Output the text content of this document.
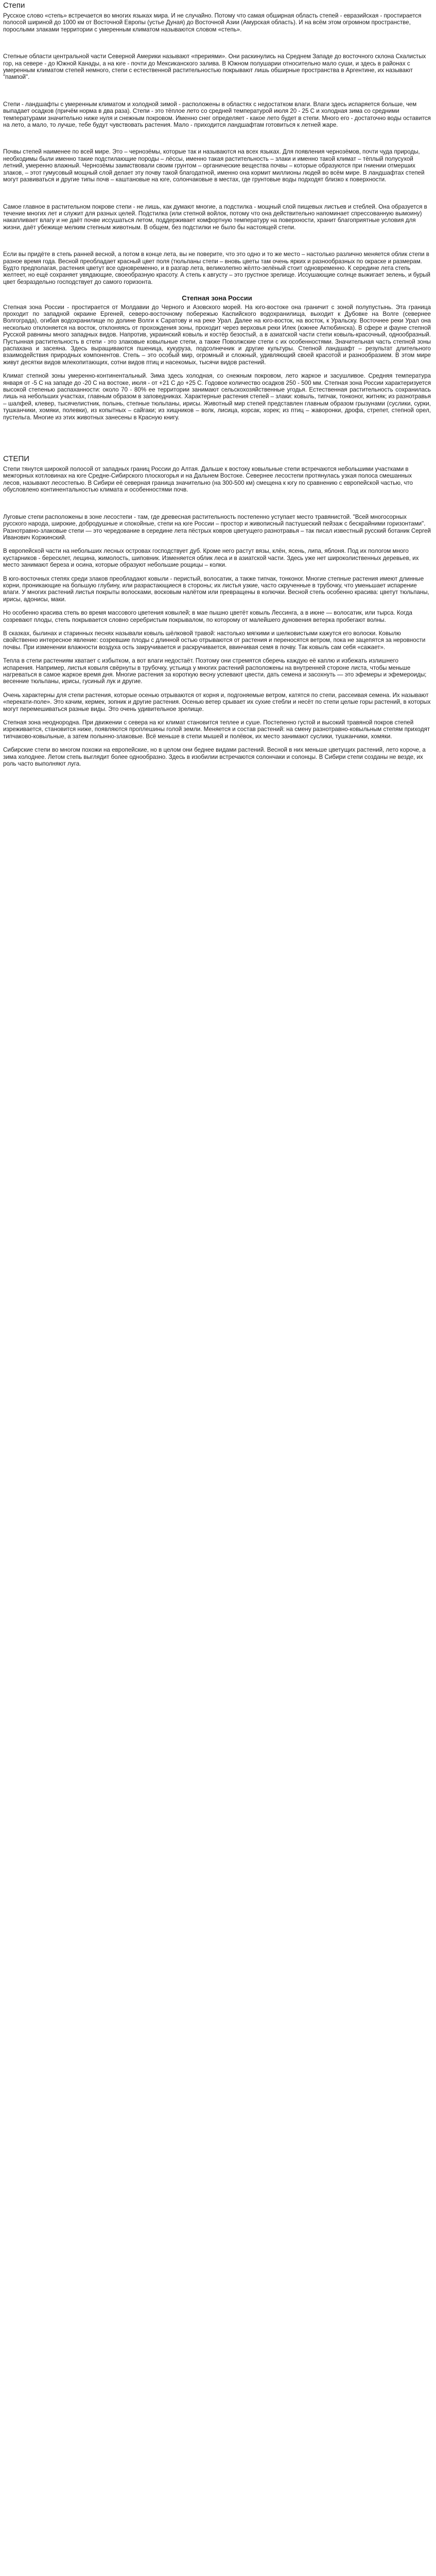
Степи

Русское слово «степь» встречается во многих языках мира. И не случайно. Потому что самая обширная область степей - евразийская - простирается полосой шириной до 1000 км от Восточной Европы (устье Дуная) до Восточной Азии (Амурская область). И на всём этом огромном пространстве, порослыми злаками территории с умеренным климатом называются словом «степь».

Степные области центральной части Северной Америки называют «прериями». Они раскинулись на Среднем Западе до восточного склона Скалистых гор, на севере - до Южной Канады, а на юге - почти до Мексиканского залива. В Южном полушарии относительно мало суши, и здесь в районах с умеренным климатом степей немного, степи с естественной растительностью покрывают лишь обширные пространства в Аргентине, их называют "пампой".

Степи - ландшафты с умеренным климатом и холодной зимой - расположены в областях с недостатком влаги. Влаги здесь испаряется больше, чем выпадает осадков (причём норма в два раза). Степи - это тёплое лето со средней температурой июля 20 - 25 С и холодная зима со средними температурами значительно ниже нуля и снежным покровом. Именно снег определяет - какое лето будет в степи. Много его - достаточно воды оставится на лето, а мало, то лучше, тебе будут чувствовать растения. Мало - приходится ландшафтам готовиться к летней жаре.

Почвы степей наименее по всей мире. Это – чернозёмы, которые так и называются на всех языках. Для появления чернозёмов, почти чуда природы, необходимы были именно такие подстилающие породы – лёссы, именно такая растительность – злаки и именно такой климат – тёплый полусухой летний, умеренно влажный. Чернозёмы заимствовали своим грунтом – органические вещества почвы – которые образуются при гниении отмерших злаков, – этот гумусовый мощный слой делает эту почву такой благодатной, именно она кормит миллионы людей во всём мире. В ландшафтах степей могут развиваться и другие типы почв – каштановые на юге, солончаковые в местах, где грунтовые воды подходят близко к поверхности.

Самое главное в растительном покрове степи - не лишь, как думают многие, а подстилка - мощный слой пищевых листьев и стеблей. Она образуется в течение многих лет и служит для разных целей. Подстилка (или степной войлок, потому что она действительно напоминает спрессованную вымоину) накапливает влагу и не даёт почве иссушаться летом, поддерживает комфортную температуру на поверхности, хранит благоприятные условия для жизни, даёт убежище мелким степным животным. В общем, без подстилки не было бы настоящей степи.

Если вы придёте в степь ранней весной, а потом в конце лета, вы не поверите, что это одно и то же место – настолько различно меняется облик степи в разное время года. Весной преобладает красный цвет поля (тюльпаны степи – вновь цветы там очень ярких и разнообразных по окраске и размерам. Будто предполагая, растения цветут все одновременно, и в разгар лета, великолепно жёлто-зелёный стоит одновременно. К середине лета степь желтеет, но ещё сохраняет увядающие, своеобразную красоту. А степь к августу – это грустное зрелище. Иссушающие солнце выжигает зелень, и бурый цвет безраздельно господствует до самого горизонта.

Степная зона России

Степная зона России - простирается от Молдавии до Черного и Азовского морей. На юго-востоке она граничит с зоной полупустынь. Эта граница проходит по западной окраине Ергеней, северо-восточному побережью Каспийского водохранилища, выходит к Дубовке на Волге (севернее Волгограда), огибая водохранилище по долине Волги к Саратову и на реке Урал. Далее на юго-восток, на восток, к Уральску. Восточнее реки Урал она несколько отклоняется на восток, отклоняясь от прохождения зоны, проходит через верховья реки Илек (южнее Актюбинска). В сфере и фауне степной Русской равнины много западных видов. Напротив, украинский ковыль и костёр безостый, а в азиатской части степи ковыль-красочный, однообразный. Пустынная растительность в степи - это злаковые ковыльные степи, а также Поволжские степи с их особенностями. Значительная часть степной зоны распахана и засеяна. Здесь выращиваются пшеница, кукуруза, подсолнечник и другие культуры. Степной ландшафт – результат длительного взаимодействия природных компонентов. Степь – это особый мир, огромный и сложный, удивляющий своей красотой и разнообразием. В этом мире живут десятки видов млекопитающих, сотни видов птиц и насекомых, тысячи видов растений.

Климат степной зоны умеренно-континентальный. Зима здесь холодная, со снежным покровом, лето жаркое и засушливое. Средняя температура января от -5 С на западе до -20 С на востоке, июля - от +21 С до +25 С. Годовое количество осадков 250 - 500 мм. Степная зона России характеризуется высокой степенью распаханности: около 70 - 80% ее территории занимают сельскохозяйственные угодья. Естественная растительность сохранилась лишь на небольших участках, главным образом в заповедниках. Характерные растения степей – злаки: ковыль, типчак, тонконог, житняк; из разнотравья – шалфей, клевер, тысячелистник, полынь, степные тюльпаны, ирисы. Животный мир степей представлен главным образом грызунами (суслики, сурки, тушканчики, хомяки, полевки), из копытных – сайгаки; из хищников – волк, лисица, корсак, хорек; из птиц – жаворонки, дрофа, стрепет, степной орел, пустельга. Многие из этих животных занесены в Красную книгу.

СТЕПИ

Степи тянутся широкой полосой от западных границ России до Алтая. Дальше к востоку ковыльные степи встречаются небольшими участками в межгорных котловинах на юге Средне-Сибирского плоскогорья и на Дальнем Востоке. Севернее лесостепи протянулась узкая полоса смешанных лесов, называют лесостепью. В Сибири её северная граница значительно (на 300-500 км) смещена к югу по сравнению с европейской частью, что обусловлено континентальностью климата и особенностями почв.

Луговые степи расположены в зоне лесостепи - там, где древесная растительность постепенно уступает место травянистой. "Всей многосорных русского народа, широкие, добродушные и спокойные, степи на юге России – простор и живописный пастушеский пейзаж с бескрайними горизонтами". Разнотравно-злаковые степи — это чередование в середине лета пёстрых ковров цветущего разнотравья – так писал известный русский ботаник Сергей Иванович Коржинский.

В европейской части на небольших лесных островах господствует дуб. Кроме него растут вязы, клён, ясень, липа, яблоня. Под их пологом много кустарников - бересклет, лещина, жимолость, шиповник. Изменяется облик леса и в азиатской части. Здесь уже нет широколиственных деревьев, их место занимают береза и осина, которые образуют небольшие рощицы – колки.

В юго-восточных степях среди злаков преобладают ковыли - перистый, волосатик, а также типчак, тонконог. Многие степные растения имеют длинные корни, проникающие на большую глубину, или разрастающиеся в стороны; их листья узкие, часто скрученные в трубочку, что уменьшает испарение влаги. У многих растений листья покрыты волосками, восковым налётом или превращены в колючки. Весной степь особенно красива: цветут тюльпаны, ирисы, адонисы, маки.

Но особенно красива степь во время массового цветения ковылей; в мае пышно цветёт ковыль Лессинга, а в июне — волосатик, или тырса. Когда созревают плоды, степь покрывается словно серебристым покрывалом, по которому от малейшего дуновения ветерка пробегают волны.

В сказках, былинах и старинных песнях называли ковыль шёлковой травой: настолько мягкими и шелковистыми кажутся его волоски. Ковылю свойственно интересное явление: созревшие плоды с длинной остью отрываются от растения и переносятся ветром, пока не зацепятся за неровности почвы. При изменении влажности воздуха ость закручивается и раскручивается, ввинчивая семя в почву. Так ковыль сам себя «сажает».

Тепла в степи растениям хватает с избытком, а вот влаги недостаёт. Поэтому они стремятся сберечь каждую её каплю и избежать излишнего испарения. Например, листья ковыля свёрнуты в трубочку, устьица у многих растений расположены на внутренней стороне листа, чтобы меньше нагреваться в самое жаркое время дня. Многие растения за короткую весну успевают цвести, дать семена и засохнуть — это эфемеры и эфемероиды; весенние тюльпаны, ирисы, гусиный лук и другие.

Очень характерны для степи растения, которые осенью отрываются от корня и, подгоняемые ветром, катятся по степи, рассеивая семена. Их называют «перекати-поле». Это качим, кермек, зопник и другие растения. Осенью ветер срывает их сухие стебли и несёт по степи целые горы растений, в которых могут перемешиваться разные виды. Это очень удивительное зрелище.

Степная зона неоднородна. При движении с севера на юг климат становится теплее и суше. Постепенно густой и высокий травяной покров степей изреживается, становится ниже, появляются проплешины голой земли. Меняется и состав растений: на смену разнотравно-ковыльным степям приходят типчаково-ковыльные, а затем полынно-злаковые. Всё меньше в степи мышей и полёвок, их место занимают суслики, тушканчики, хомяки.

Сибирские степи во многом похожи на европейские, но в целом они беднее видами растений. Весной в них меньше цветущих растений, лето короче, а зима холоднее. Летом степь выглядит более однообразно. Здесь в изобилии встречаются солончаки и солонцы. В Сибири степи созданы не везде, их роль часто выполняют луга.
